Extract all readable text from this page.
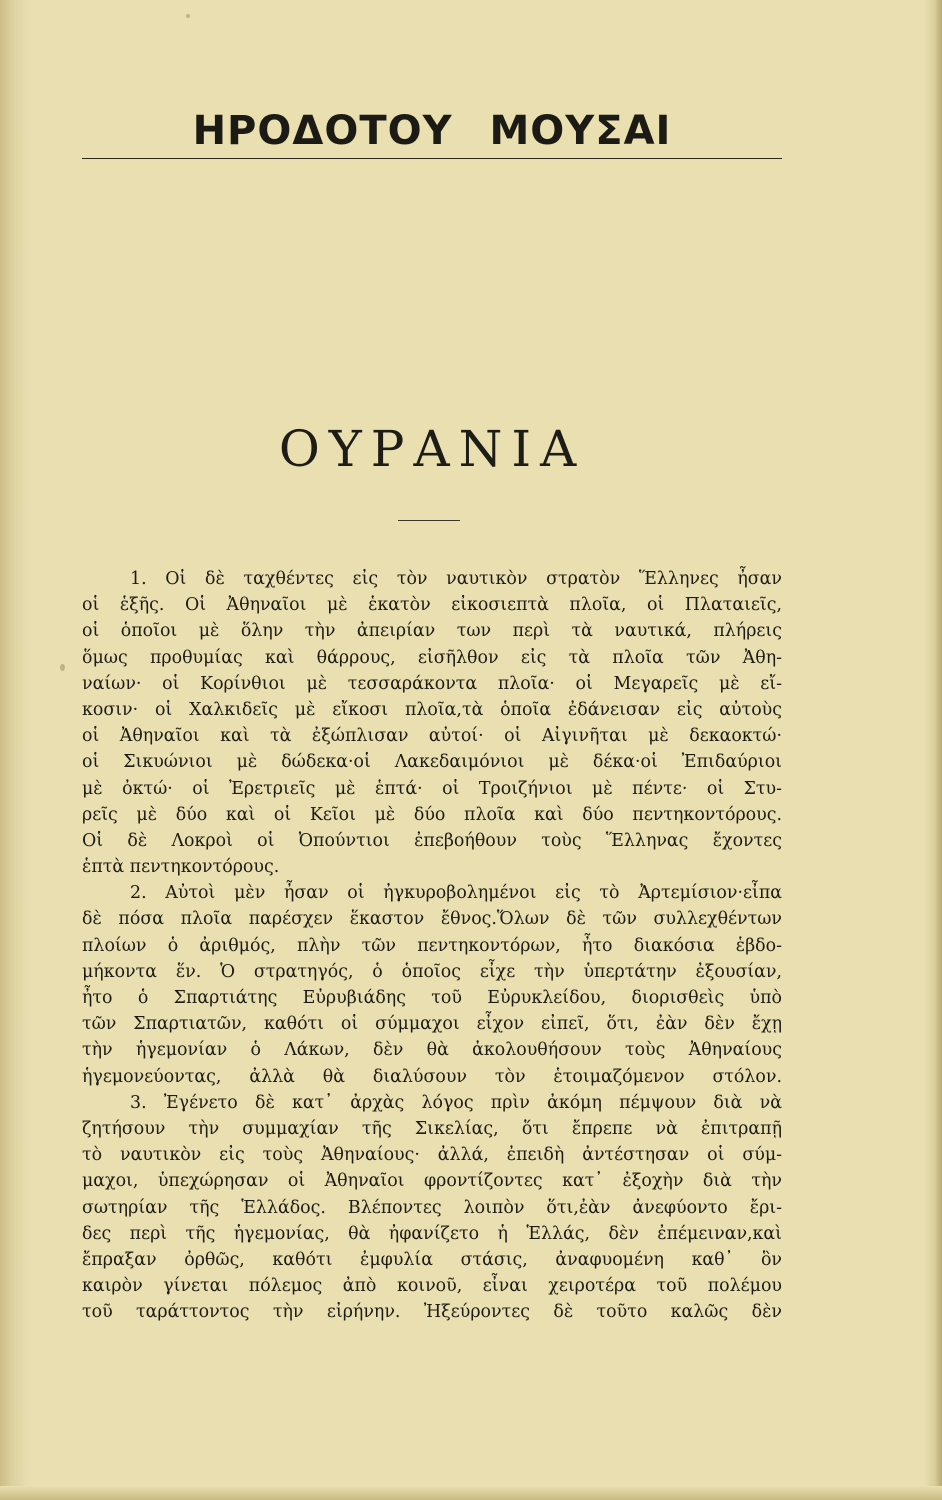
ΗΡΟΔΟΤΟΥ ΜΟΥΣΑΙ
ΟΥΡΑΝΙΑ
1. Οἱ δὲ ταχθέντες εἰς τὸν ναυτικὸν στρατὸν Ἕλληνες ἦσαν
οἱ ἑξῆς. Οἱ Ἀθηναῖοι μὲ ἑκατὸν εἰκοσιεπτὰ πλοῖα, οἱ Πλαταιεῖς,
οἱ ὁποῖοι μὲ ὅλην τὴν ἀπειρίαν των περὶ τὰ ναυτικά, πλήρεις
ὅμως προθυμίας καὶ θάρρους, εἰσῆλθον εἰς τὰ πλοῖα τῶν Ἀθη-
ναίων· οἱ Κορίνθιοι μὲ τεσσαράκοντα πλοῖα· οἱ Μεγαρεῖς μὲ εἴ-
κοσιν· οἱ Χαλκιδεῖς μὲ εἴκοσι πλοῖα,τὰ ὁποῖα ἐδάνεισαν εἰς αὐτοὺς
οἱ Ἀθηναῖοι καὶ τὰ ἐξώπλισαν αὐτοί· οἱ Αἰγινῆται μὲ δεκαοκτώ·
οἱ Σικυώνιοι μὲ δώδεκα·οἱ Λακεδαιμόνιοι μὲ δέκα·οἱ Ἐπιδαύριοι
μὲ ὀκτώ· οἱ Ἐρετριεῖς μὲ ἑπτά· οἱ Τροιζήνιοι μὲ πέντε· οἱ Στυ-
ρεῖς μὲ δύο καὶ οἱ Κεῖοι μὲ δύο πλοῖα καὶ δύο πεντηκοντόρους.
Οἱ δὲ Λοκροὶ οἱ Ὀπούντιοι ἐπεβοήθουν τοὺς Ἕλληνας ἔχοντες
ἑπτὰ πεντηκοντόρους.
2. Αὐτοὶ μὲν ἦσαν οἱ ἠγκυροβολημένοι εἰς τὸ Ἀρτεμίσιον·εἶπα
δὲ πόσα πλοῖα παρέσχεν ἕκαστον ἔθνος.Ὅλων δὲ τῶν συλλεχθέντων
πλοίων ὁ ἀριθμός, πλὴν τῶν πεντηκοντόρων, ἦτο διακόσια ἑβδο-
μήκοντα ἕν. Ὁ στρατηγός, ὁ ὁποῖος εἶχε τὴν ὑπερτάτην ἐξουσίαν,
ἦτο ὁ Σπαρτιάτης Εὐρυβιάδης τοῦ Εὐρυκλείδου, διορισθεὶς ὑπὸ
τῶν Σπαρτιατῶν, καθότι οἱ σύμμαχοι εἶχον εἰπεῖ, ὅτι, ἐὰν δὲν ἔχῃ
τὴν ἡγεμονίαν ὁ Λάκων, δὲν θὰ ἀκολουθήσουν τοὺς Ἀθηναίους
ἡγεμονεύοντας, ἀλλὰ θὰ διαλύσουν τὸν ἑτοιμαζόμενον στόλον.
3. Ἐγένετο δὲ κατ᾽ ἀρχὰς λόγος πρὶν ἀκόμη πέμψουν διὰ νὰ
ζητήσουν τὴν συμμαχίαν τῆς Σικελίας, ὅτι ἔπρεπε νὰ ἐπιτραπῇ
τὸ ναυτικὸν εἰς τοὺς Ἀθηναίους· ἀλλά, ἐπειδὴ ἀντέστησαν οἱ σύμ-
μαχοι, ὑπεχώρησαν οἱ Ἀθηναῖοι φροντίζοντες κατ᾽ ἐξοχὴν διὰ τὴν
σωτηρίαν τῆς Ἑλλάδος. Βλέποντες λοιπὸν ὅτι,ἐὰν ἀνεφύοντο ἔρι-
δες περὶ τῆς ἡγεμονίας, θὰ ἠφανίζετο ἡ Ἑλλάς, δὲν ἐπέμειναν,καὶ
ἔπραξαν ὀρθῶς, καθότι ἐμφυλία στάσις, ἀναφυομένη καθ᾽ ὃν
καιρὸν γίνεται πόλεμος ἀπὸ κοινοῦ, εἶναι χειροτέρα τοῦ πολέμου
τοῦ ταράττοντος τὴν εἰρήνην. Ἠξεύροντες δὲ τοῦτο καλῶς δὲν
